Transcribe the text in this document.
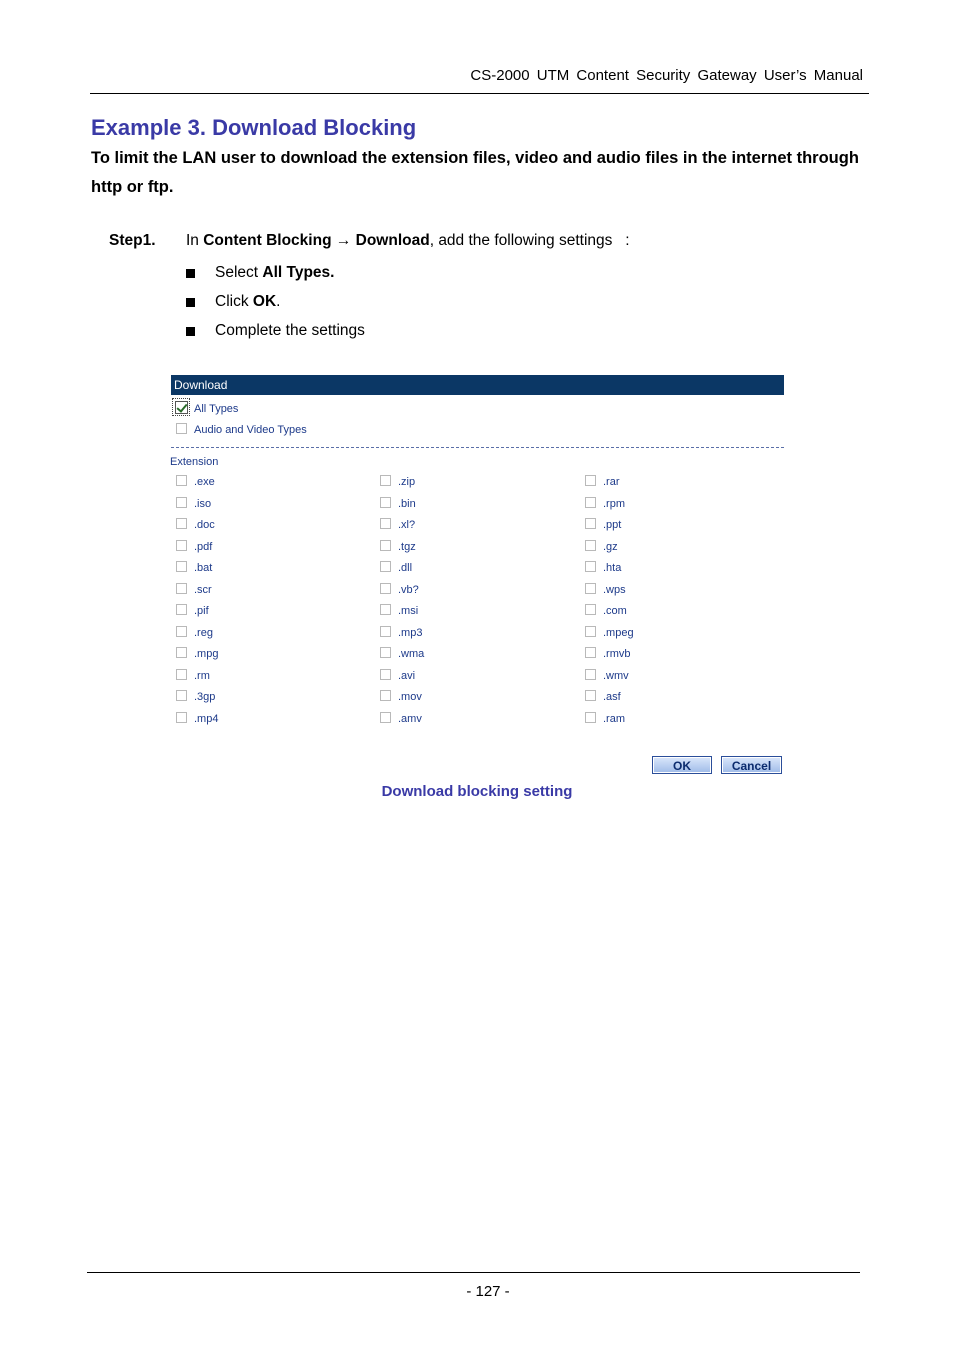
CS-2000 UTM Content Security Gateway User’s Manual
Example 3. Download Blocking
To limit the LAN user to download the extension files, video and audio files in the internet through http or ftp.
Step1. In Content Blocking → Download, add the following settings   :
Select All Types.
Click OK.
Complete the settings
Download
All Types
Audio and Video Types
Extension
.exe	.zip	.rar
.iso	.bin	.rpm
.doc	.xl?	.ppt
.pdf	.tgz	.gz
.bat	.dll	.hta
.scr	.vb?	.wps
.pif	.msi	.com
.reg	.mp3	.mpeg
.mpg	.wma	.rmvb
.rm	.avi	.wmv
.3gp	.mov	.asf
.mp4	.amv	.ram
OK	Cancel
Download blocking setting
- 127 -
